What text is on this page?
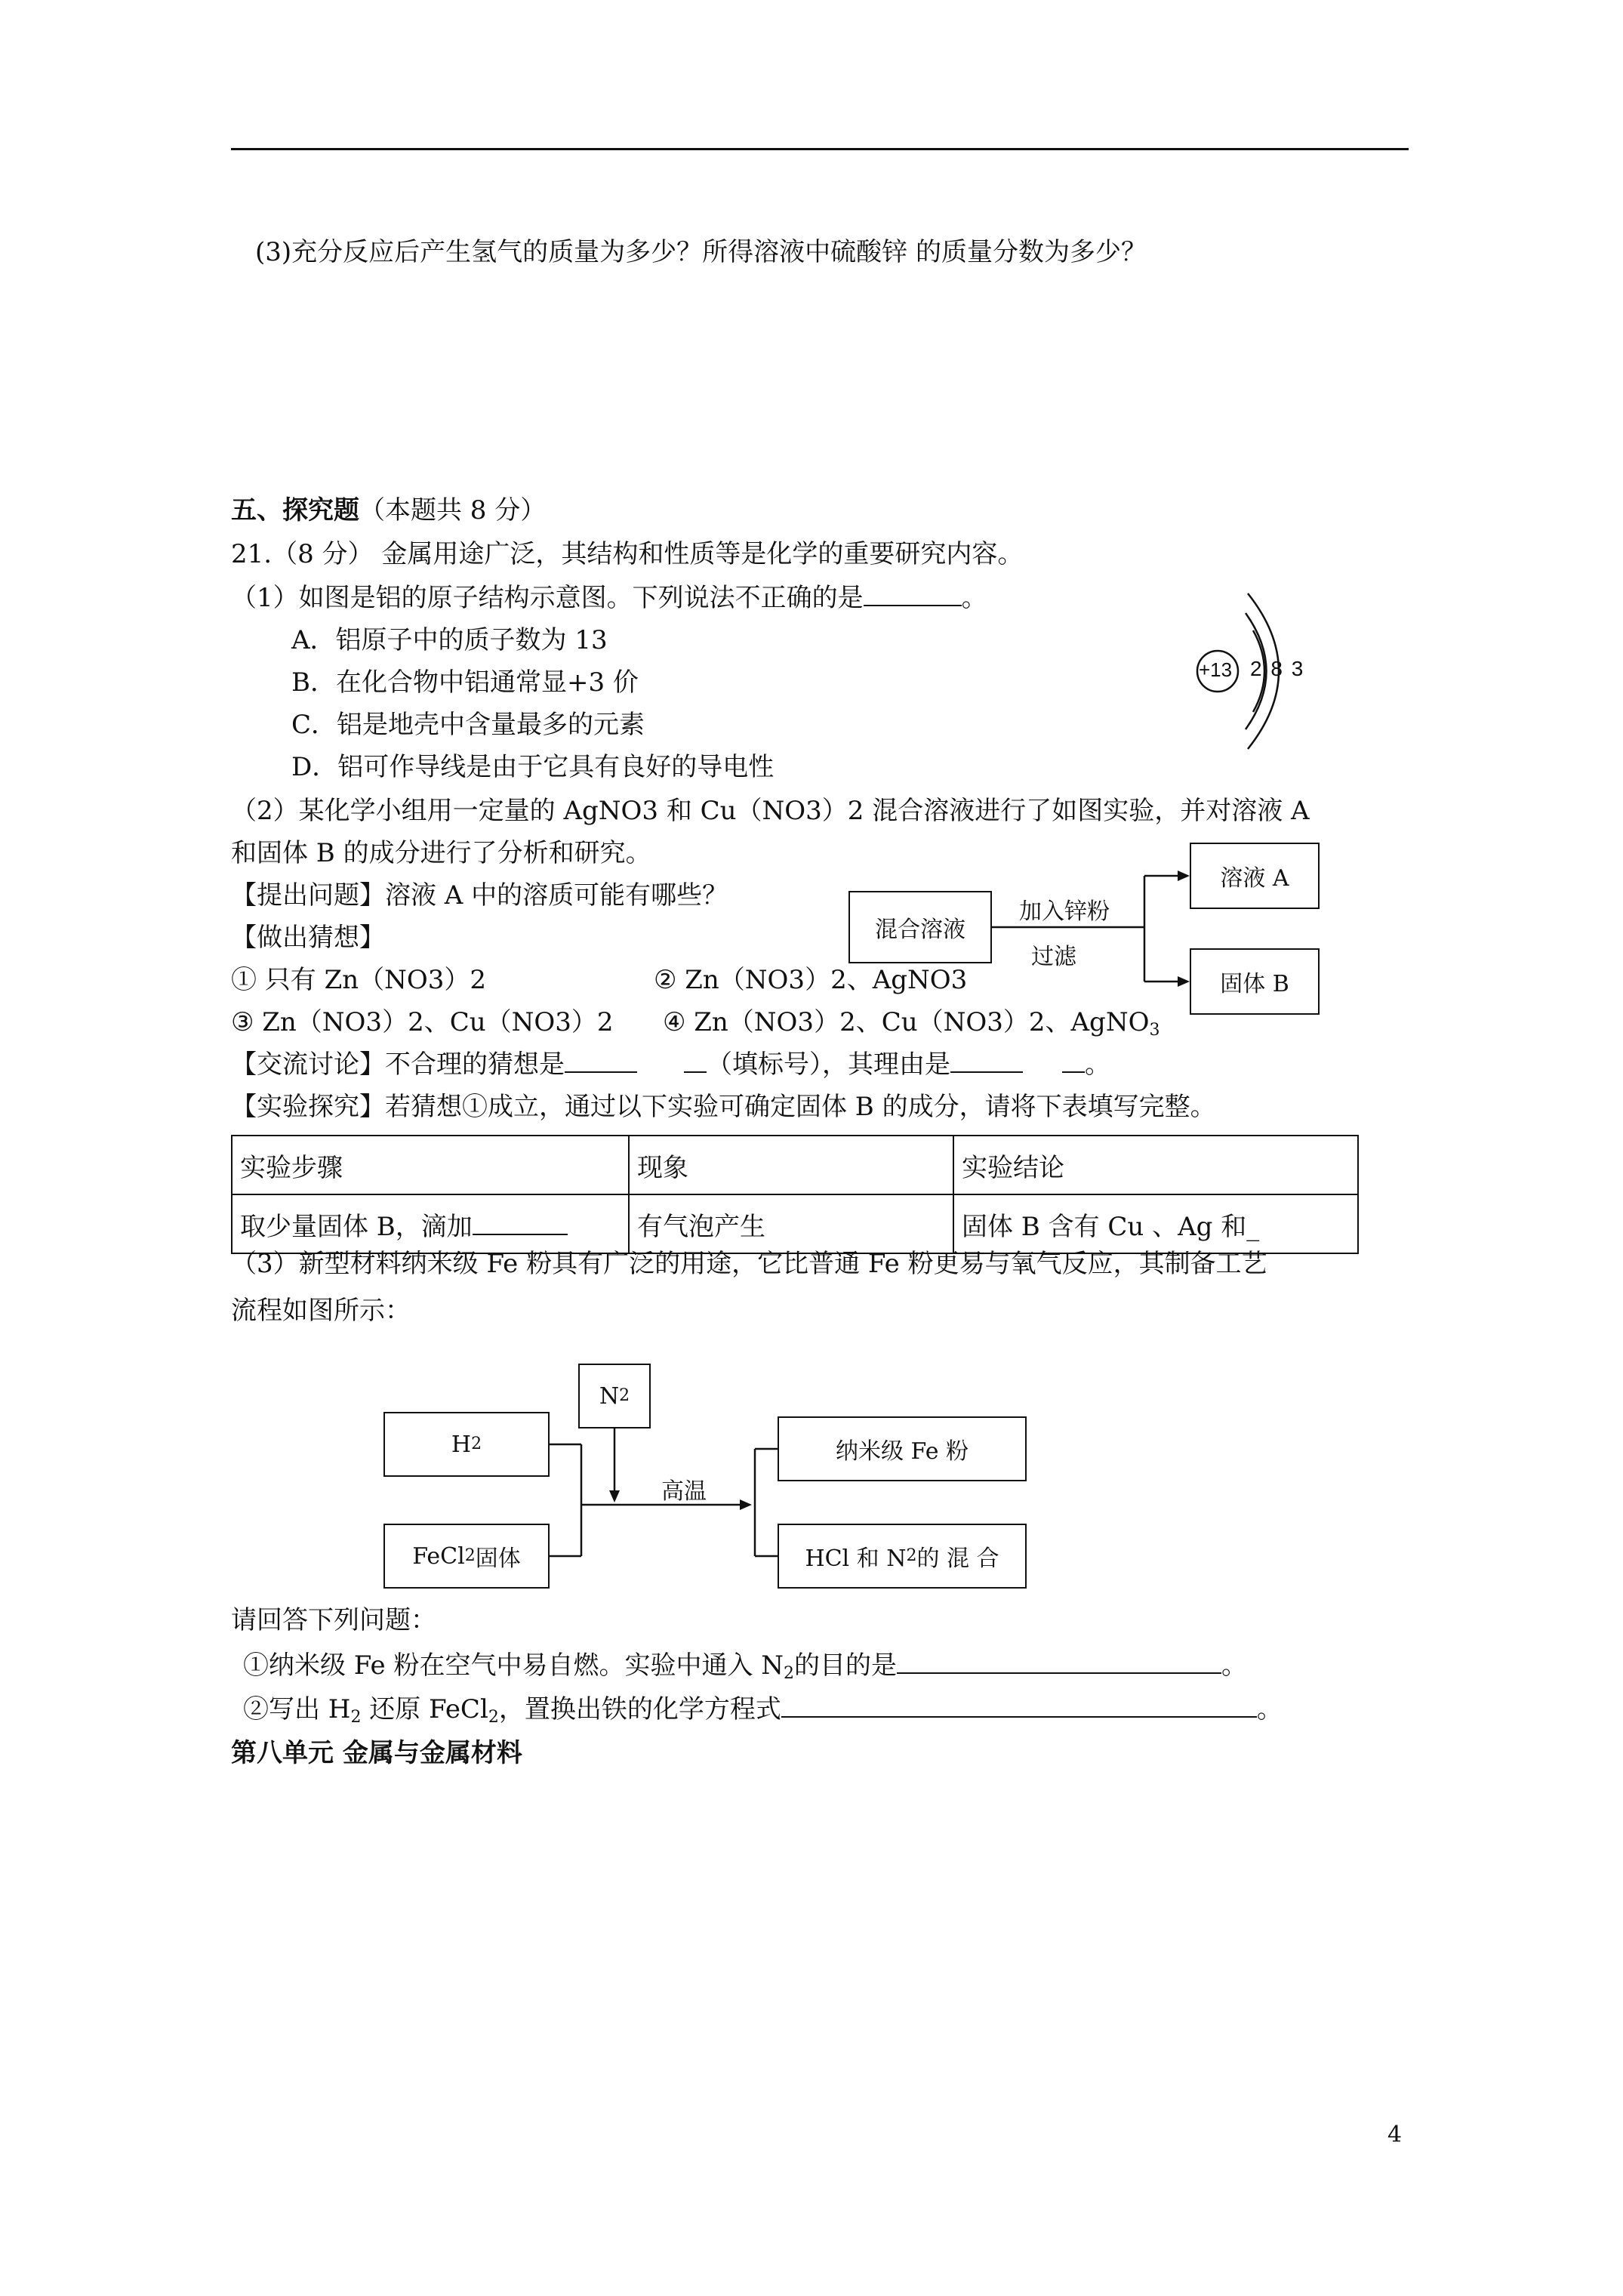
(3)充分反应后产生氢气的质量为多少？所得溶液中硫酸锌 的质量分数为多少？
五、探究题（本题共 8 分）
21.（8 分） 金属用途广泛，其结构和性质等是化学的重要研究内容。
（1）如图是铝的原子结构示意图。下列说法不正确的是	。
A．铝原子中的质子数为 13
B．在化合物中铝通常显+3 价
C．铝是地壳中含量最多的元素
D．铝可作导线是由于它具有良好的导电性
+13 2 8 3
（2）某化学小组用一定量的 AgNO3 和 Cu（NO3）2 混合溶液进行了如图实验，并对溶液 A
和固体 B 的成分进行了分析和研究。
【提出问题】溶液 A 中的溶质可能有哪些？
【做出猜想】
① 只有 Zn（NO3）2	② Zn（NO3）2、AgNO3
③ Zn（NO3）2、Cu（NO3）2 ④ Zn（NO3）2、Cu（NO3）2、AgNO$_3$
【交流讨论】不合理的猜想是	（填标号），其理由是	。
【实验探究】若猜想①成立，通过以下实验可确定固体 B 的成分，请将下表填写完整。
实验步骤	现象	实验结论
取少量固体 B，滴加	有气泡产生	固体 B 含有 Cu 、Ag 和_
混合溶液
溶液 A
固体 B
加入锌粉
过滤
（3）新型材料纳米级 Fe 粉具有广泛的用途，它比普通 Fe 粉更易与氧气反应，其制备工艺
流程如图所示：
N 2
H 2
FeCl 2 固体
纳米级 Fe 粉
HCl 和 N 2 的 混 合
高温
请回答下列问题：
①纳米级 Fe 粉在空气中易自燃。实验中通入 $N_2$的目的是	。
②写出 $H_2$ 还原 FeCl$_2$，置换出铁的化学方程式	。
第八单元 金属与金属材料
4
